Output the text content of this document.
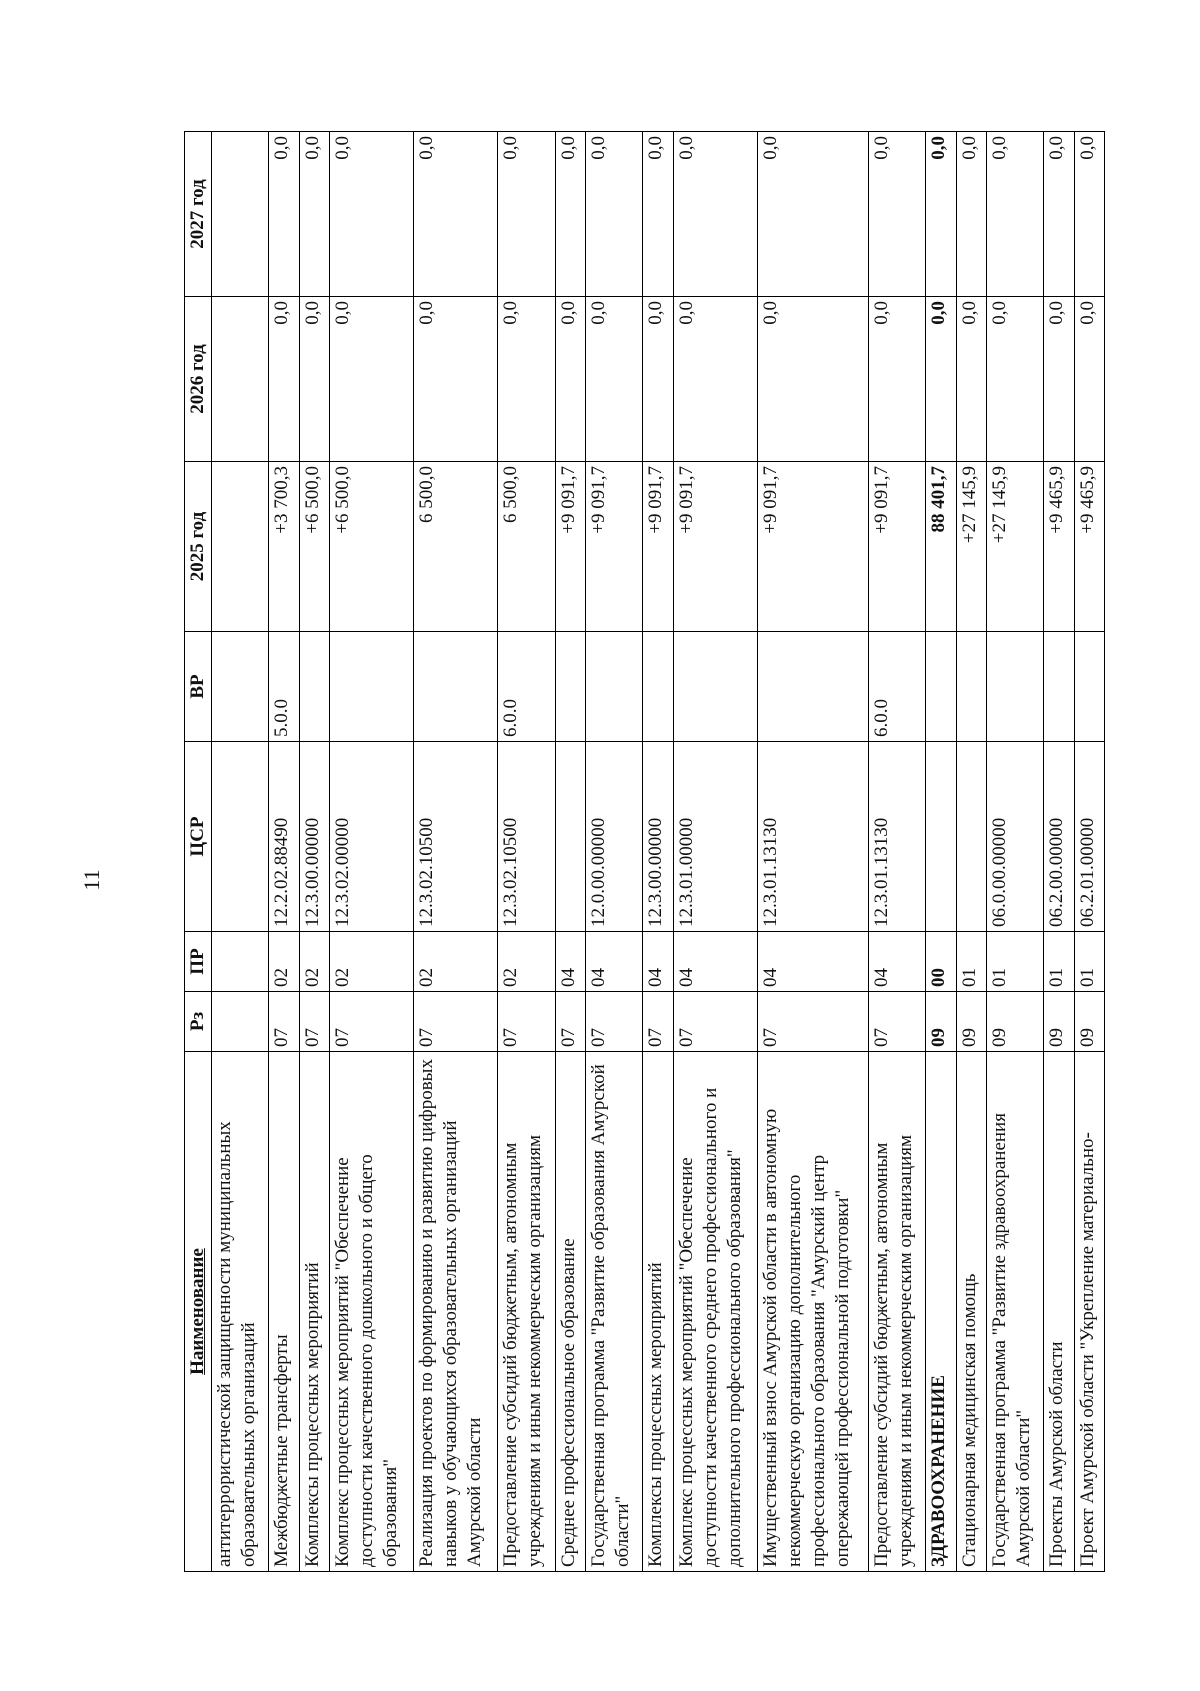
11
Наименование	Рз	ПР	ЦСР	ВР	2025 год	2026 год	2027 год
антитеррористической защищенности муниципальных образовательных организаций							
Межбюджетные трансферты	07	02	12.2.02.88490	5.0.0	+3 700,3	0,0	0,0
Комплексы процессных мероприятий	07	02	12.3.00.00000		+6 500,0	0,0	0,0
Комплекс процессных мероприятий "Обеспечение доступности качественного дошкольного и общего образования"	07	02	12.3.02.00000		+6 500,0	0,0	0,0
Реализация проектов по формированию и развитию цифровых навыков у обучающихся образовательных организаций Амурской области	07	02	12.3.02.10500		6 500,0	0,0	0,0
Предоставление субсидий бюджетным, автономным учреждениям и иным некоммерческим организациям	07	02	12.3.02.10500	6.0.0	6 500,0	0,0	0,0
Среднее профессиональное образование	07	04			+9 091,7	0,0	0,0
Государственная программа "Развитие образования Амурской области"	07	04	12.0.00.00000		+9 091,7	0,0	0,0
Комплексы процессных мероприятий	07	04	12.3.00.00000		+9 091,7	0,0	0,0
Комплекс процессных мероприятий "Обеспечение доступности качественного среднего профессионального и дополнительного профессионального образования"	07	04	12.3.01.00000		+9 091,7	0,0	0,0
Имущественный взнос Амурской области в автономную некоммерческую организацию дополнительного профессионального образования "Амурский центр опережающей профессиональной подготовки"	07	04	12.3.01.13130		+9 091,7	0,0	0,0
Предоставление субсидий бюджетным, автономным учреждениям и иным некоммерческим организациям	07	04	12.3.01.13130	6.0.0	+9 091,7	0,0	0,0
ЗДРАВООХРАНЕНИЕ	09	00			88 401,7	0,0	0,0
Стационарная медицинская помощь	09	01			+27 145,9	0,0	0,0
Государственная программа "Развитие здравоохранения Амурской области"	09	01	06.0.00.00000		+27 145,9	0,0	0,0
Проекты Амурской области	09	01	06.2.00.00000		+9 465,9	0,0	0,0
Проект Амурской области "Укрепление материально-	09	01	06.2.01.00000		+9 465,9	0,0	0,0
